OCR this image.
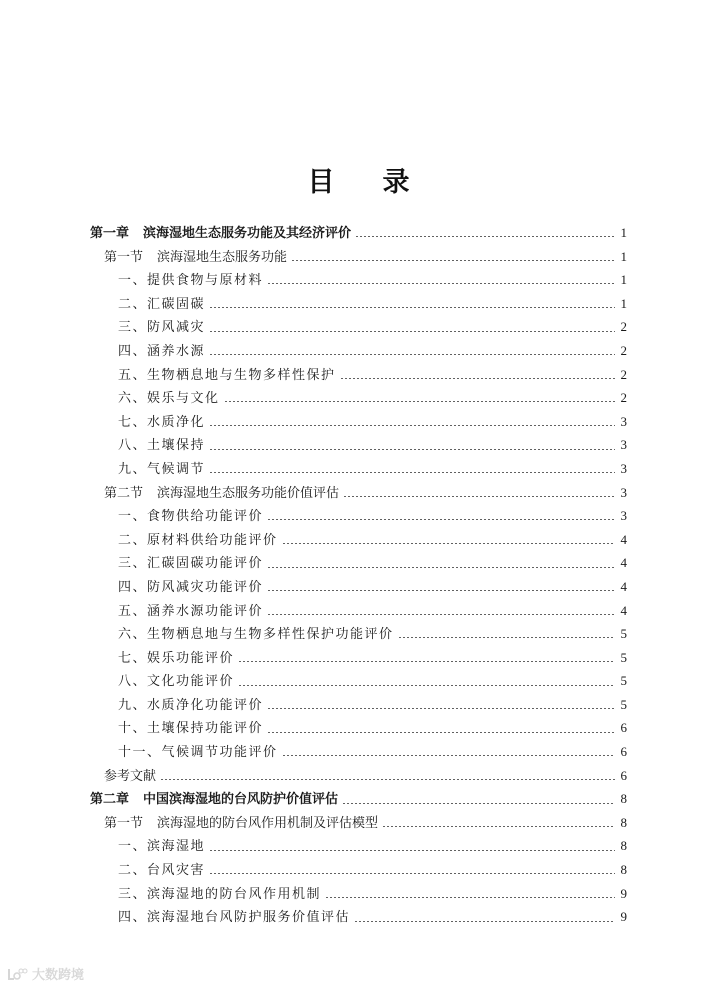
目 录
第一章 滨海湿地生态服务功能及其经济评价	1
第一节 滨海湿地生态服务功能	1
一、 提供食物与原材料	1
二、 汇碳固碳	1
三、 防风减灾	2
四、 涵养水源	2
五、 生物栖息地与生物多样性保护	2
六、 娱乐与文化	2
七、 水质净化	3
八、 土壤保持	3
九、 气候调节	3
第二节 滨海湿地生态服务功能价值评估	3
一、 食物供给功能评价	3
二、 原材料供给功能评价	4
三、 汇碳固碳功能评价	4
四、 防风减灾功能评价	4
五、 涵养水源功能评价	4
六、 生物栖息地与生物多样性保护功能评价	5
七、 娱乐功能评价	5
八、 文化功能评价	5
九、 水质净化功能评价	5
十、 土壤保持功能评价	6
十一、 气候调节功能评价	6
参考文献	6
第二章 中国滨海湿地的台风防护价值评估	8
第一节 滨海湿地的防台风作用机制及评估模型	8
一、 滨海湿地	8
二、 台风灾害	8
三、 滨海湿地的防台风作用机制	9
四、 滨海湿地台风防护服务价值评估	9
大数跨境
